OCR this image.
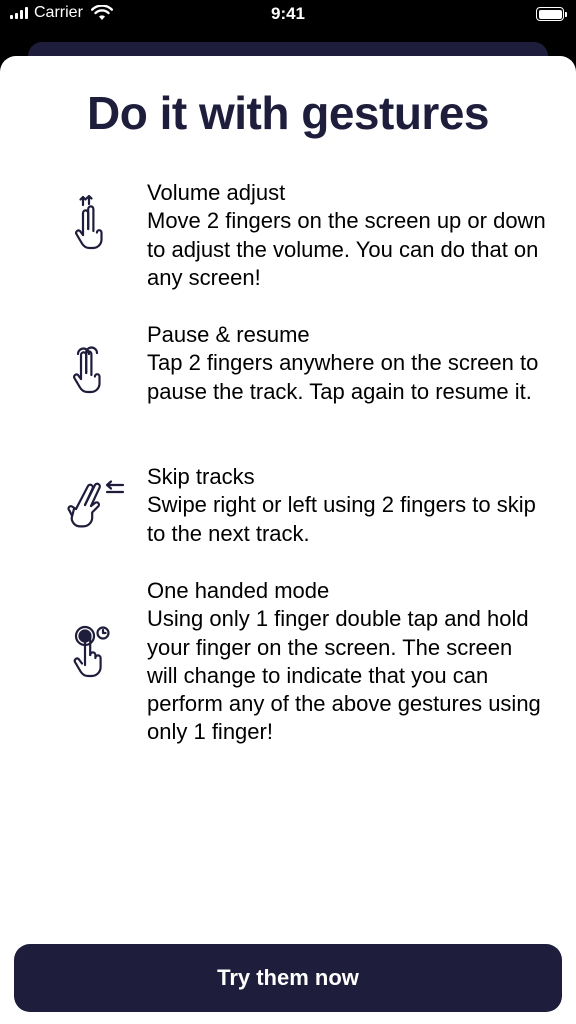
Carrier	9:41
Do it with gestures
Volume adjust
Move 2 fingers on the screen up or down to adjust the volume. You can do that on any screen!
Pause & resume
Tap 2 fingers anywhere on the screen to pause the track. Tap again to resume it.
Skip tracks
Swipe right or left using 2 fingers to skip to the next track.
One handed mode
Using only 1 finger double tap and hold your finger on the screen. The screen will change to indicate that you can perform any of the above gestures using only 1 finger!
Try them now
